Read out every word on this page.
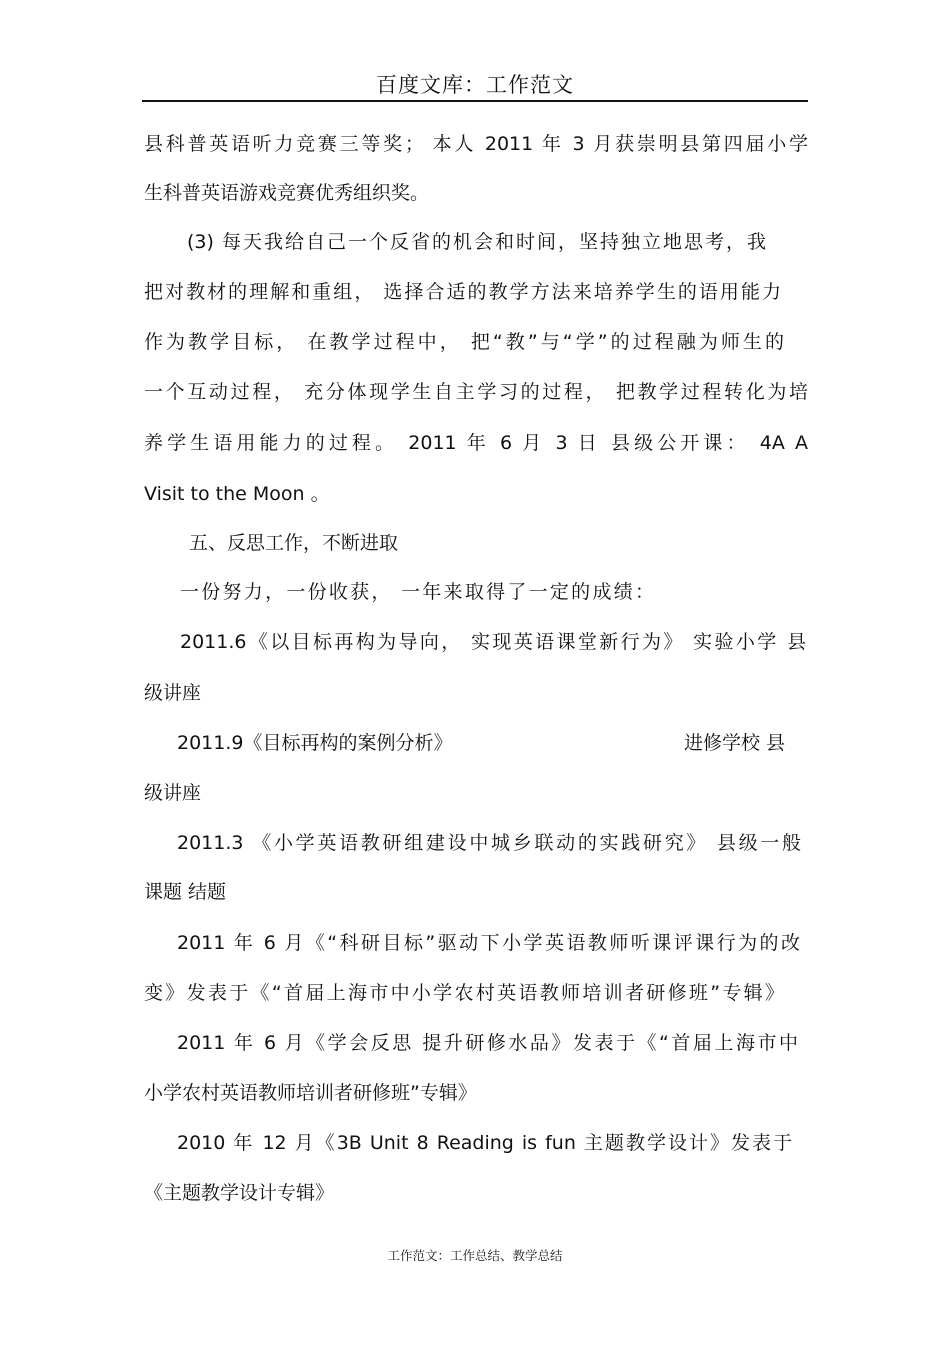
百度文库：工作范文
县科普英语听力竞赛三等奖； 本人 2011 年 3 月获崇明县第四届小学
生科普英语游戏竞赛优秀组织奖。
(3) 每天我给自己一个反省的机会和时间，坚持独立地思考，我
把对教材的理解和重组， 选择合适的教学方法来培养学生的语用能力
作为教学目标， 在教学过程中， 把“教”与“学”的过程融为师生的
一个互动过程， 充分体现学生自主学习的过程， 把教学过程转化为培
养学生语用能力的过程。 2011 年 6 月 3 日 县级公开课： 4A A
Visit to the Moon 。
五、反思工作，不断进取
一份努力，一份收获， 一年来取得了一定的成绩：
2011.6《以目标再构为导向， 实现英语课堂新行为》 实验小学 县
级讲座
2011.9《目标再构的案例分析》	进修学校 县
级讲座
2011.3 《小学英语教研组建设中城乡联动的实践研究》 县级一般
课题 结题
2011 年 6 月《“科研目标”驱动下小学英语教师听课评课行为的改
变》发表于《“首届上海市中小学农村英语教师培训者研修班”专辑》
2011 年 6 月《学会反思 提升研修水品》发表于《“首届上海市中
小学农村英语教师培训者研修班”专辑》
2010 年 12 月《3B Unit 8 Reading is fun 主题教学设计》发表于
《主题教学设计专辑》
工作范文：工作总结、教学总结
